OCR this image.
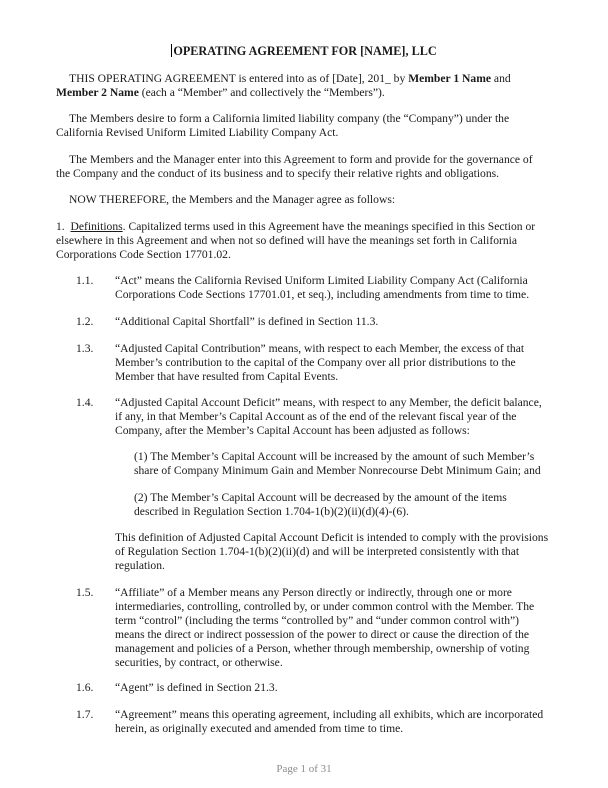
OPERATING AGREEMENT FOR [NAME], LLC

THIS OPERATING AGREEMENT is entered into as of [Date], 201_ by Member 1 Name and
Member 2 Name (each a “Member” and collectively the “Members”).

The Members desire to form a California limited liability company (the “Company”) under the California Revised Uniform Limited Liability Company Act.

The Members and the Manager enter into this Agreement to form and provide for the governance of the Company and the conduct of its business and to specify their relative rights and obligations.

NOW THEREFORE, the Members and the Manager agree as follows:

1. Definitions. Capitalized terms used in this Agreement have the meanings specified in this Section or elsewhere in this Agreement and when not so defined will have the meanings set forth in California Corporations Code Section 17701.02.

1.1. “Act” means the California Revised Uniform Limited Liability Company Act (California Corporations Code Sections 17701.01, et seq.), including amendments from time to time.

1.2. “Additional Capital Shortfall” is defined in Section 11.3.

1.3. “Adjusted Capital Contribution” means, with respect to each Member, the excess of that Member’s contribution to the capital of the Company over all prior distributions to the Member that have resulted from Capital Events.

1.4. “Adjusted Capital Account Deficit” means, with respect to any Member, the deficit balance, if any, in that Member’s Capital Account as of the end of the relevant fiscal year of the Company, after the Member’s Capital Account has been adjusted as follows:

(1) The Member’s Capital Account will be increased by the amount of such Member’s share of Company Minimum Gain and Member Nonrecourse Debt Minimum Gain; and

(2) The Member’s Capital Account will be decreased by the amount of the items described in Regulation Section 1.704-1(b)(2)(ii)(d)(4)-(6).

This definition of Adjusted Capital Account Deficit is intended to comply with the provisions of Regulation Section 1.704-1(b)(2)(ii)(d) and will be interpreted consistently with that regulation.

1.5. “Affiliate” of a Member means any Person directly or indirectly, through one or more intermediaries, controlling, controlled by, or under common control with the Member. The term “control” (including the terms “controlled by” and “under common control with”) means the direct or indirect possession of the power to direct or cause the direction of the management and policies of a Person, whether through membership, ownership of voting securities, by contract, or otherwise.

1.6. “Agent” is defined in Section 21.3.

1.7. “Agreement” means this operating agreement, including all exhibits, which are incorporated herein, as originally executed and amended from time to time.

Page 1 of 31
